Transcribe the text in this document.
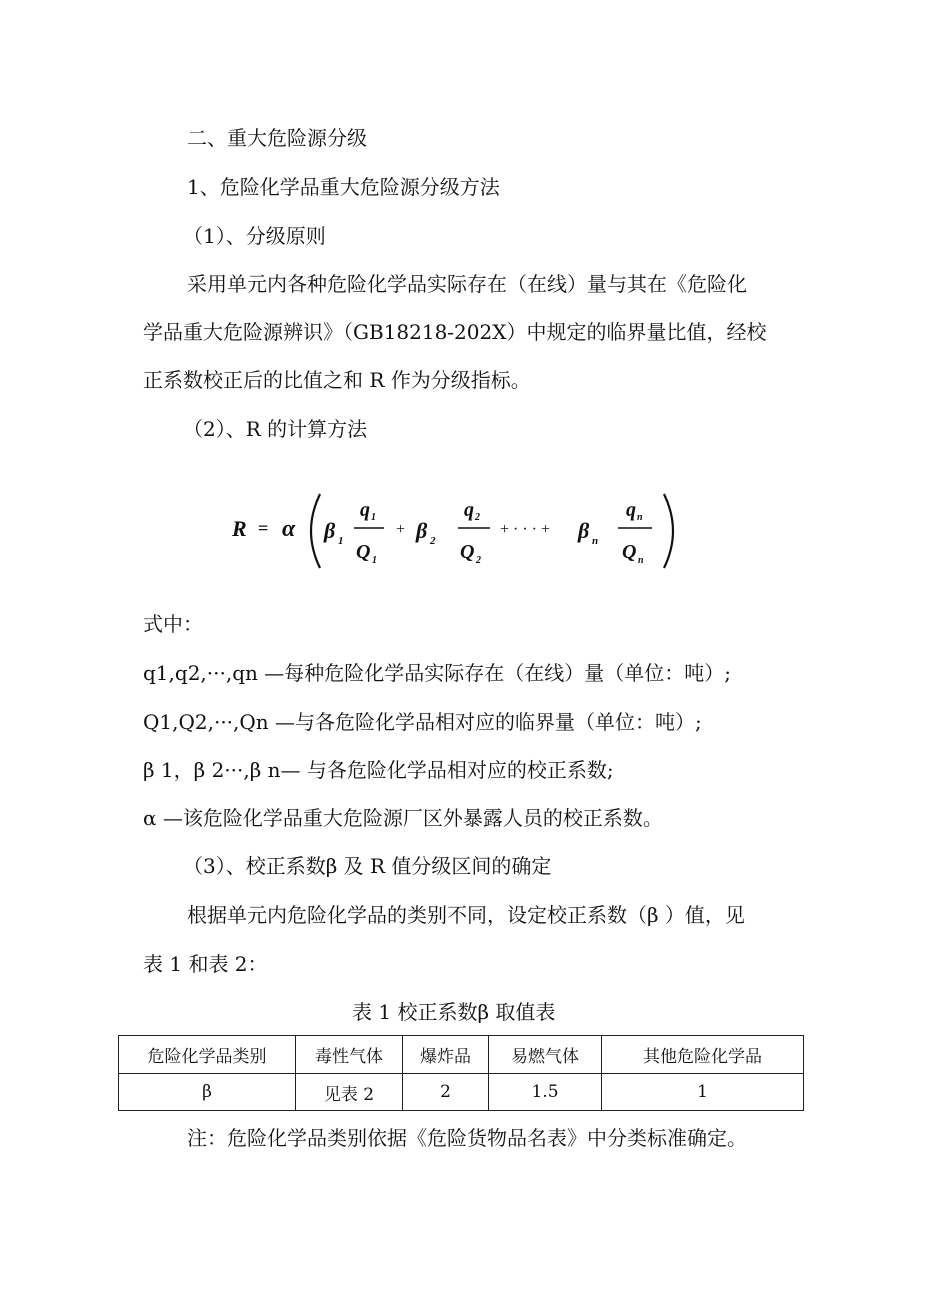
二、重大危险源分级
1、危险化学品重大危险源分级方法
（1）、分级原则
采用单元内各种危险化学品实际存在（在线）量与其在《危险化
学品重大危险源辨识》（GB18218-202X）中规定的临界量比值，经校
正系数校正后的比值之和 R 作为分级指标。
（2）、R 的计算方法
R = α β 1
q 1
Q 1
+ β 2
q 2
Q 2
+ · · · + β n
q n
Q n
式中：
q1,q2,···,qn —每种危险化学品实际存在（在线）量（单位：吨）;
Q1,Q2,···,Qn —与各危险化学品相对应的临界量（单位：吨）;
β 1，β 2···,β n— 与各危险化学品相对应的校正系数;
α —该危险化学品重大危险源厂区外暴露人员的校正系数。
（3）、校正系数β 及 R 值分级区间的确定
根据单元内危险化学品的类别不同，设定校正系数（β ）值，见
表 1 和表 2：
表 1 校正系数β 取值表
危险化学品类别	毒性气体	爆炸品	易燃气体	其他危险化学品
β	见表 2	2	1.5	1
注：危险化学品类别依据《危险货物品名表》中分类标准确定。
